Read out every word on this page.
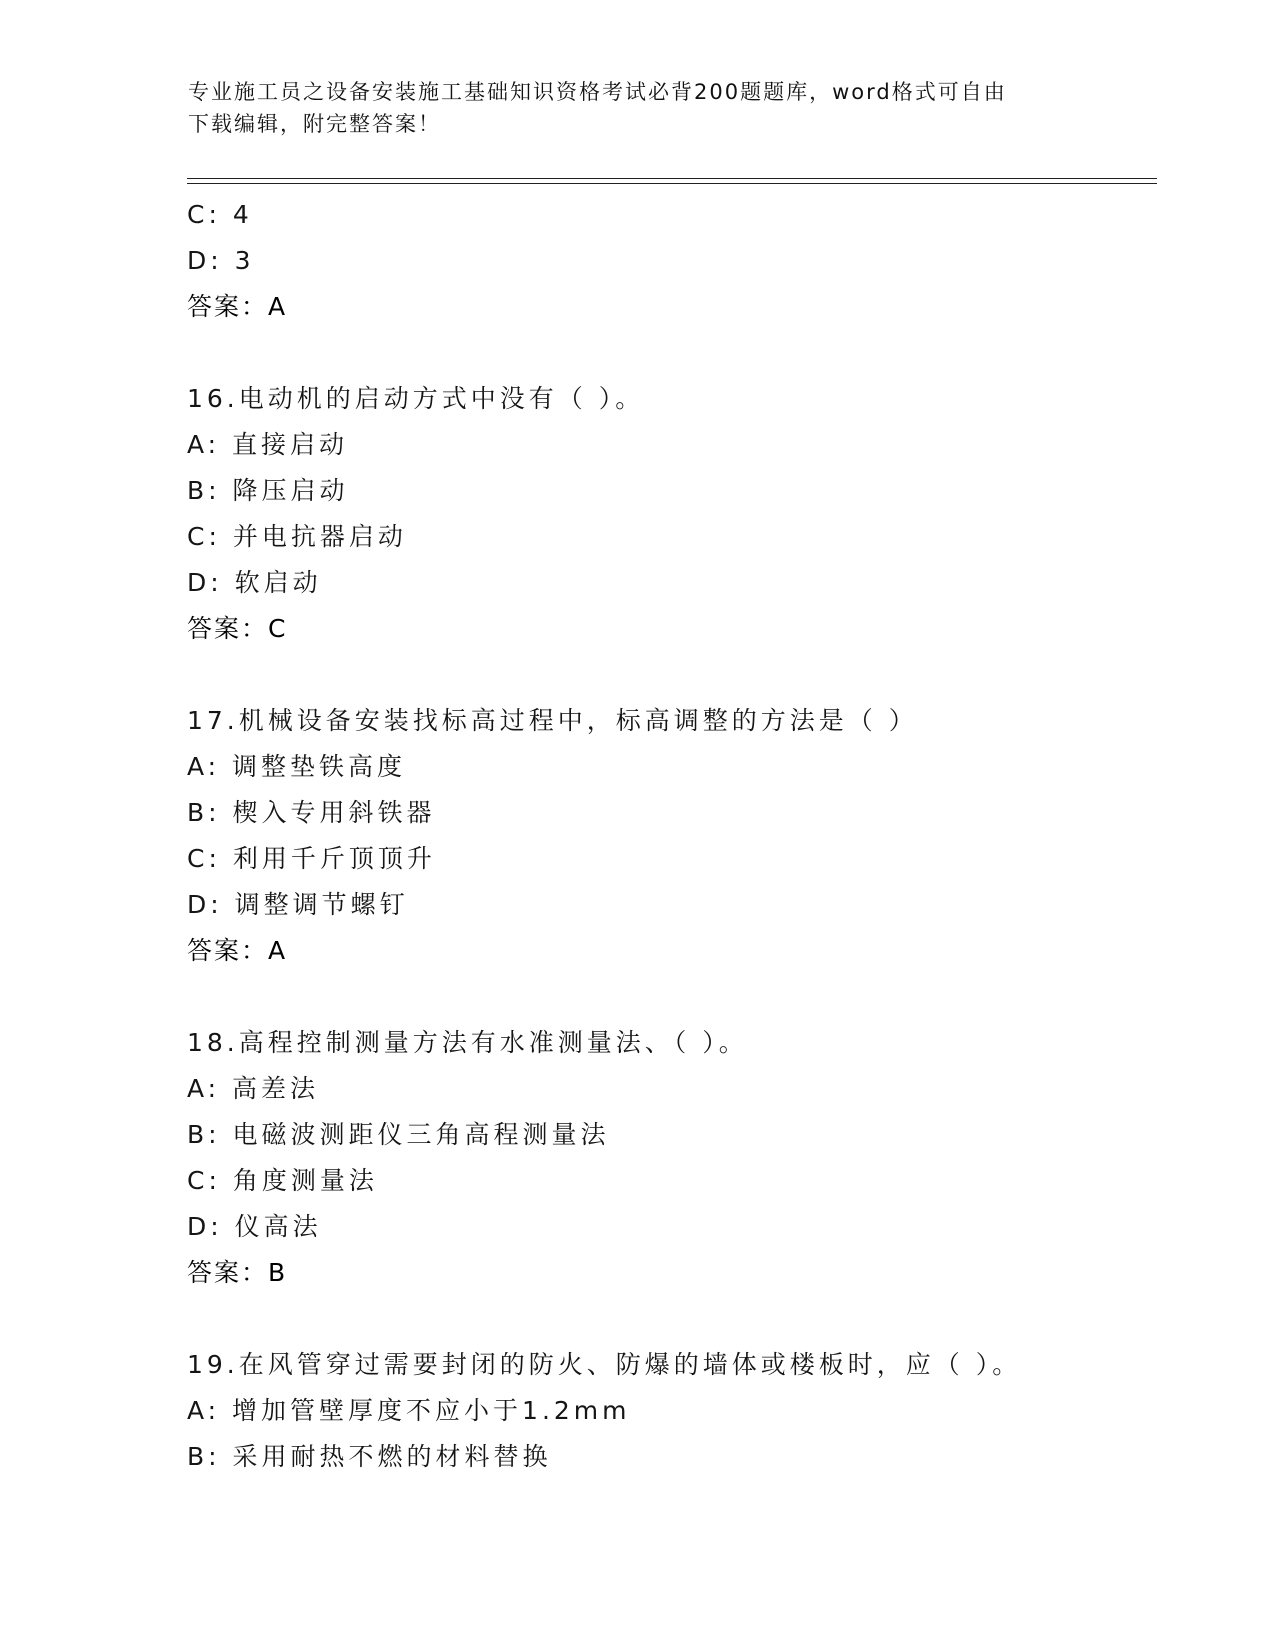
专业施工员之设备安装施工基础知识资格考试必背200题题库，word格式可自由
下载编辑，附完整答案！
C: 4
D: 3
答案：A
16.电动机的启动方式中没有（ ）。
A: 直接启动
B: 降压启动
C: 并电抗器启动
D: 软启动
答案：C
17.机械设备安装找标高过程中，标高调整的方法是（ ）
A: 调整垫铁高度
B: 楔入专用斜铁器
C: 利用千斤顶顶升
D: 调整调节螺钉
答案：A
18.高程控制测量方法有水准测量法、（ ）。
A: 高差法
B: 电磁波测距仪三角高程测量法
C: 角度测量法
D: 仪高法
答案：B
19.在风管穿过需要封闭的防火、防爆的墙体或楼板时，应（ ）。
A: 增加管壁厚度不应小于1.2mm
B: 采用耐热不燃的材料替换
